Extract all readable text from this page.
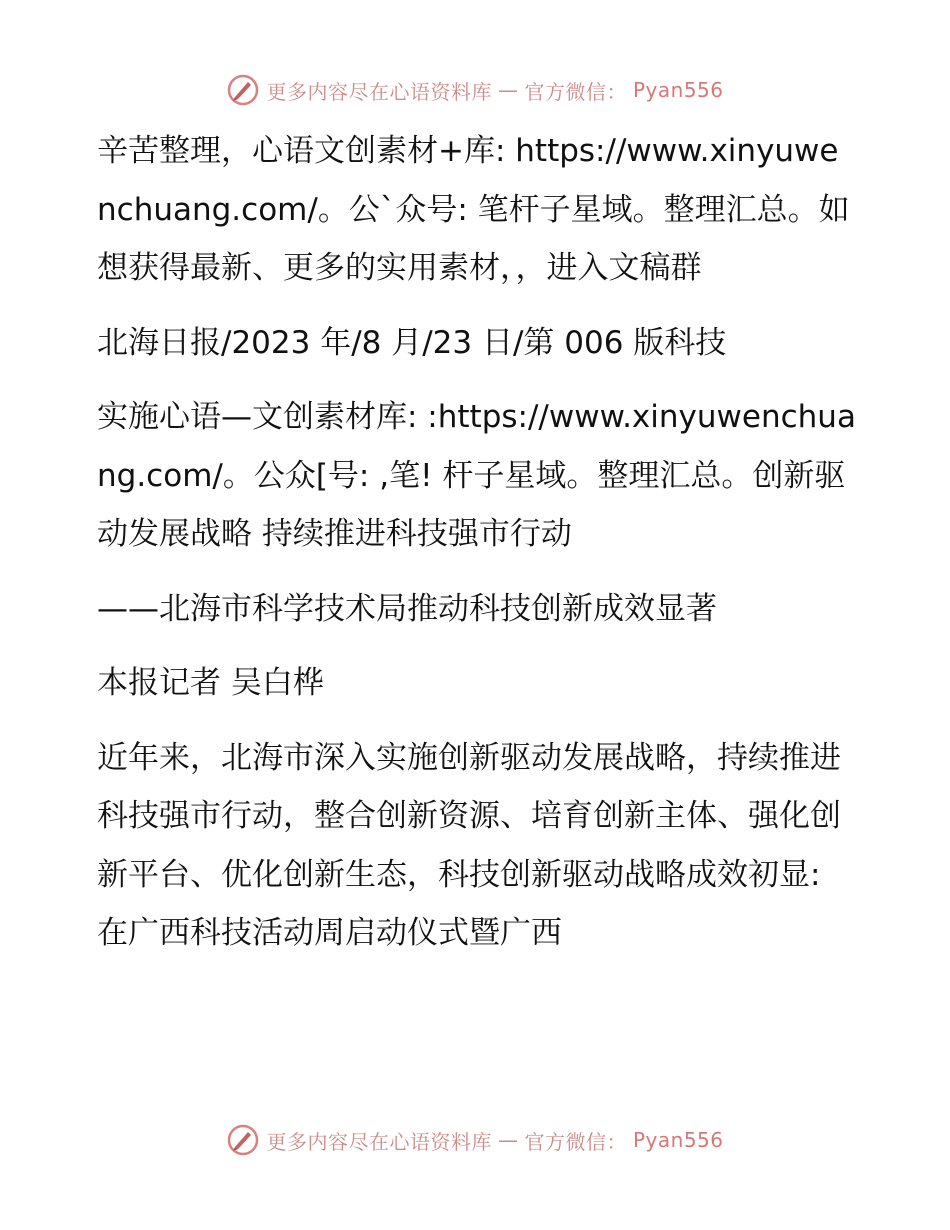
更多内容尽在心语资料库 — 官方微信： Pyan556

辛苦整理，心语文创素材+库: https://www.xinyuwenchuang.com/。公`众号: 笔杆子星域。整理汇总。如想获得最新、更多的实用素材，，进入文稿群

北海日报/2023 年/8 月/23 日/第 006 版科技

实施心语—文创素材库: :https://www.xinyuwenchuang.com/。公众[号: ,笔! 杆子星域。整理汇总。创新驱动发展战略 持续推进科技强市行动

——北海市科学技术局推动科技创新成效显著

本报记者 吴白桦

近年来，北海市深入实施创新驱动发展战略，持续推进科技强市行动，整合创新资源、培育创新主体、强化创新平台、优化创新生态，科技创新驱动战略成效初显: 在广西科技活动周启动仪式暨广西

更多内容尽在心语资料库 — 官方微信： Pyan556
